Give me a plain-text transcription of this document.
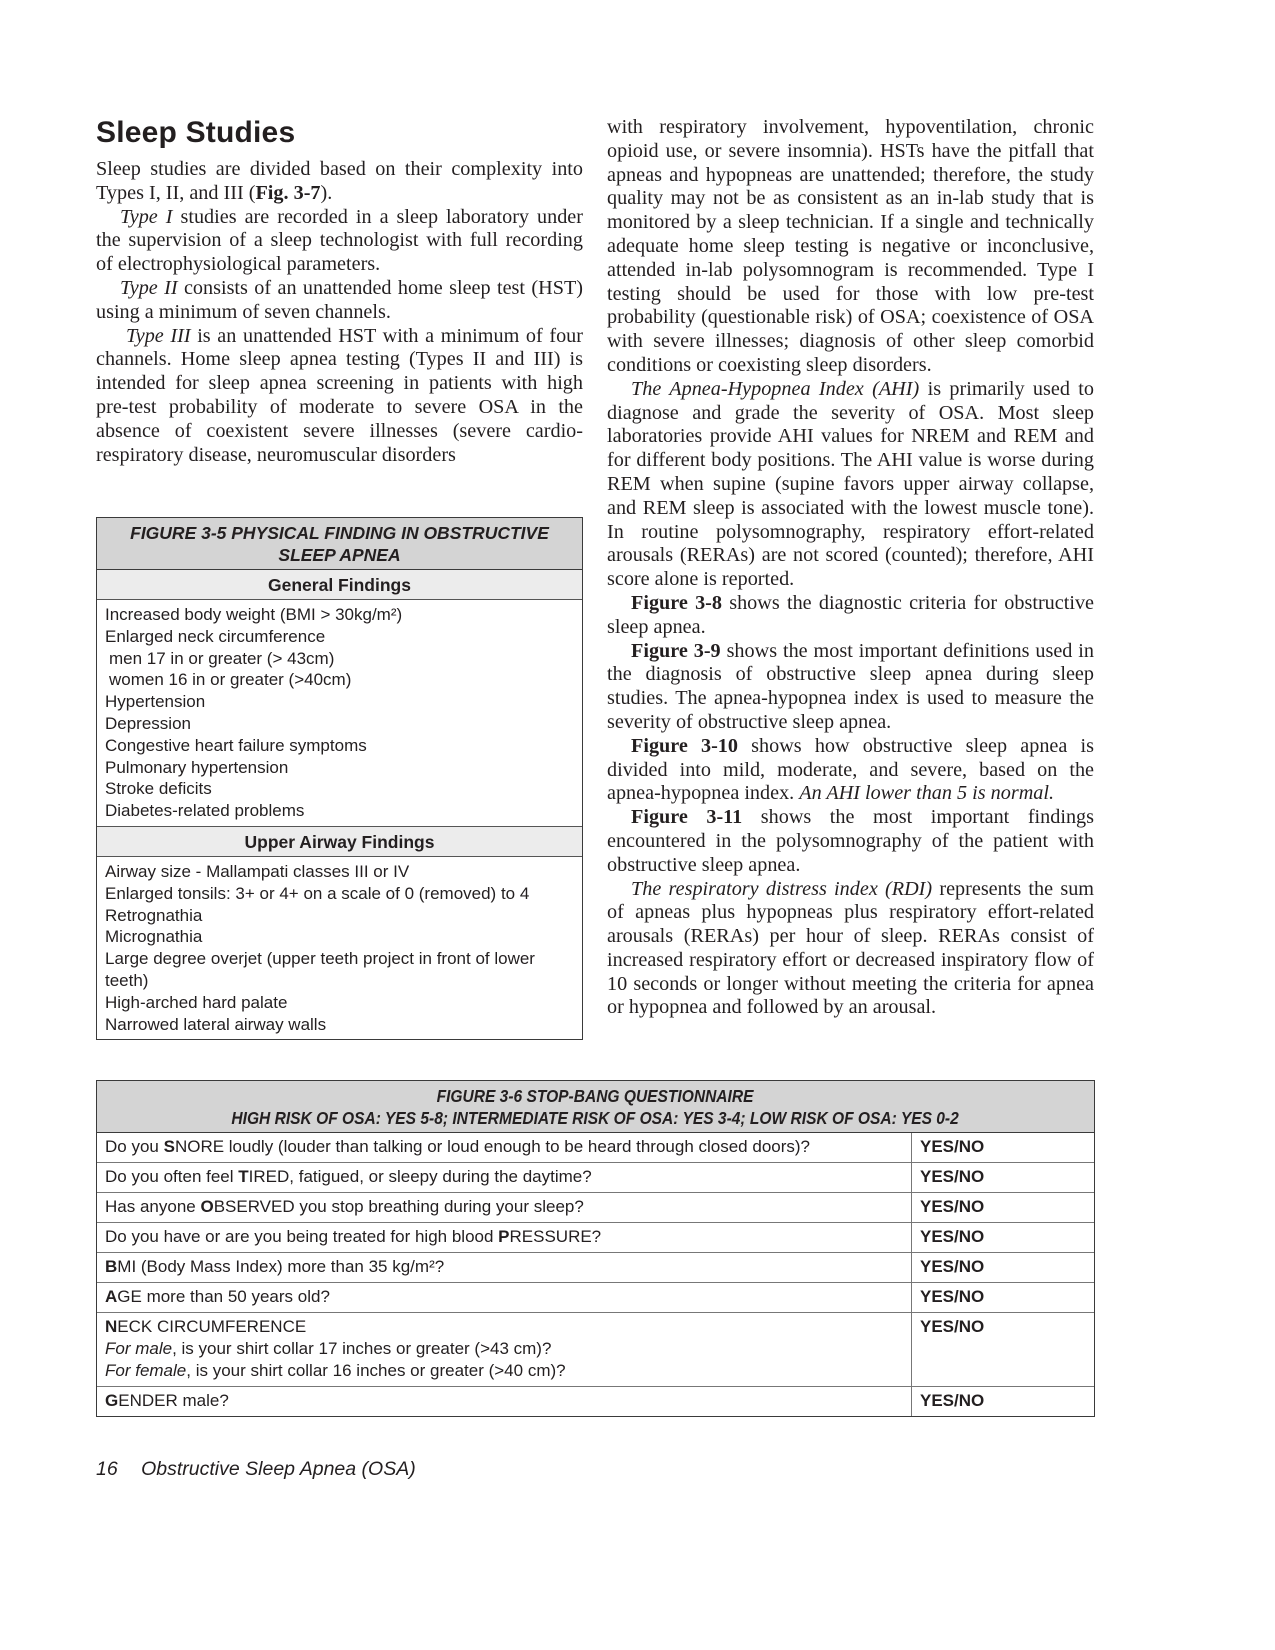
Sleep Studies

Sleep studies are divided based on their complexity into Types I, II, and III (Fig. 3-7).

Type I studies are recorded in a sleep laboratory under the supervision of a sleep technologist with full recording of electrophysiological parameters.

Type II consists of an unattended home sleep test (HST) using a minimum of seven channels.

Type III is an unattended HST with a minimum of four channels. Home sleep apnea testing (Types II and III) is intended for sleep apnea screening in patients with high pre-test probability of moderate to severe OSA in the absence of coexistent severe illnesses (severe cardio-respiratory disease, neuromuscular disorders

with respiratory involvement, hypoventilation, chronic opioid use, or severe insomnia). HSTs have the pitfall that apneas and hypopneas are unattended; therefore, the study quality may not be as consistent as an in-lab study that is monitored by a sleep technician. If a single and technically adequate home sleep testing is negative or inconclusive, attended in-lab polysomnogram is recommended. Type I testing should be used for those with low pre-test probability (questionable risk) of OSA; coexistence of OSA with severe illnesses; diagnosis of other sleep comorbid conditions or coexisting sleep disorders.

The Apnea-Hypopnea Index (AHI) is primarily used to diagnose and grade the severity of OSA. Most sleep laboratories provide AHI values for NREM and REM and for different body positions. The AHI value is worse during REM when supine (supine favors upper airway collapse, and REM sleep is associated with the lowest muscle tone). In routine polysomnography, respiratory effort-related arousals (RERAs) are not scored (counted); therefore, AHI score alone is reported.

Figure 3-8 shows the diagnostic criteria for obstructive sleep apnea.

Figure 3-9 shows the most important definitions used in the diagnosis of obstructive sleep apnea during sleep studies. The apnea-hypopnea index is used to measure the severity of obstructive sleep apnea.

Figure 3-10 shows how obstructive sleep apnea is divided into mild, moderate, and severe, based on the apnea-hypopnea index. An AHI lower than 5 is normal.

Figure 3-11 shows the most important findings encountered in the polysomnography of the patient with obstructive sleep apnea.

The respiratory distress index (RDI) represents the sum of apneas plus hypopneas plus respiratory effort-related arousals (RERAs) per hour of sleep. RERAs consist of increased respiratory effort or decreased inspiratory flow of 10 seconds or longer without meeting the criteria for apnea or hypopnea and followed by an arousal.

FIGURE 3-5 PHYSICAL FINDING IN OBSTRUCTIVE SLEEP APNEA
General Findings
Increased body weight (BMI > 30kg/m²)
Enlarged neck circumference
men 17 in or greater (> 43cm)
women 16 in or greater (>40cm)
Hypertension
Depression
Congestive heart failure symptoms
Pulmonary hypertension
Stroke deficits
Diabetes-related problems
Upper Airway Findings
Airway size - Mallampati classes III or IV
Enlarged tonsils: 3+ or 4+ on a scale of 0 (removed) to 4
Retrognathia
Micrognathia
Large degree overjet (upper teeth project in front of lower teeth)
High-arched hard palate
Narrowed lateral airway walls
FIGURE 3-6 STOP-BANG QUESTIONNAIRE
HIGH RISK OF OSA: YES 5-8; INTERMEDIATE RISK OF OSA: YES 3-4; LOW RISK OF OSA: YES 0-2
Do you SNORE loudly (louder than talking or loud enough to be heard through closed doors)?	YES/NO
Do you often feel TIRED, fatigued, or sleepy during the daytime?	YES/NO
Has anyone OBSERVED you stop breathing during your sleep?	YES/NO
Do you have or are you being treated for high blood PRESSURE?	YES/NO
BMI (Body Mass Index) more than 35 kg/m²?	YES/NO
AGE more than 50 years old?	YES/NO
NECK CIRCUMFERENCE
For male, is your shirt collar 17 inches or greater (>43 cm)?
For female, is your shirt collar 16 inches or greater (>40 cm)?
YES/NO
GENDER male?	YES/NO
16 Obstructive Sleep Apnea (OSA)
